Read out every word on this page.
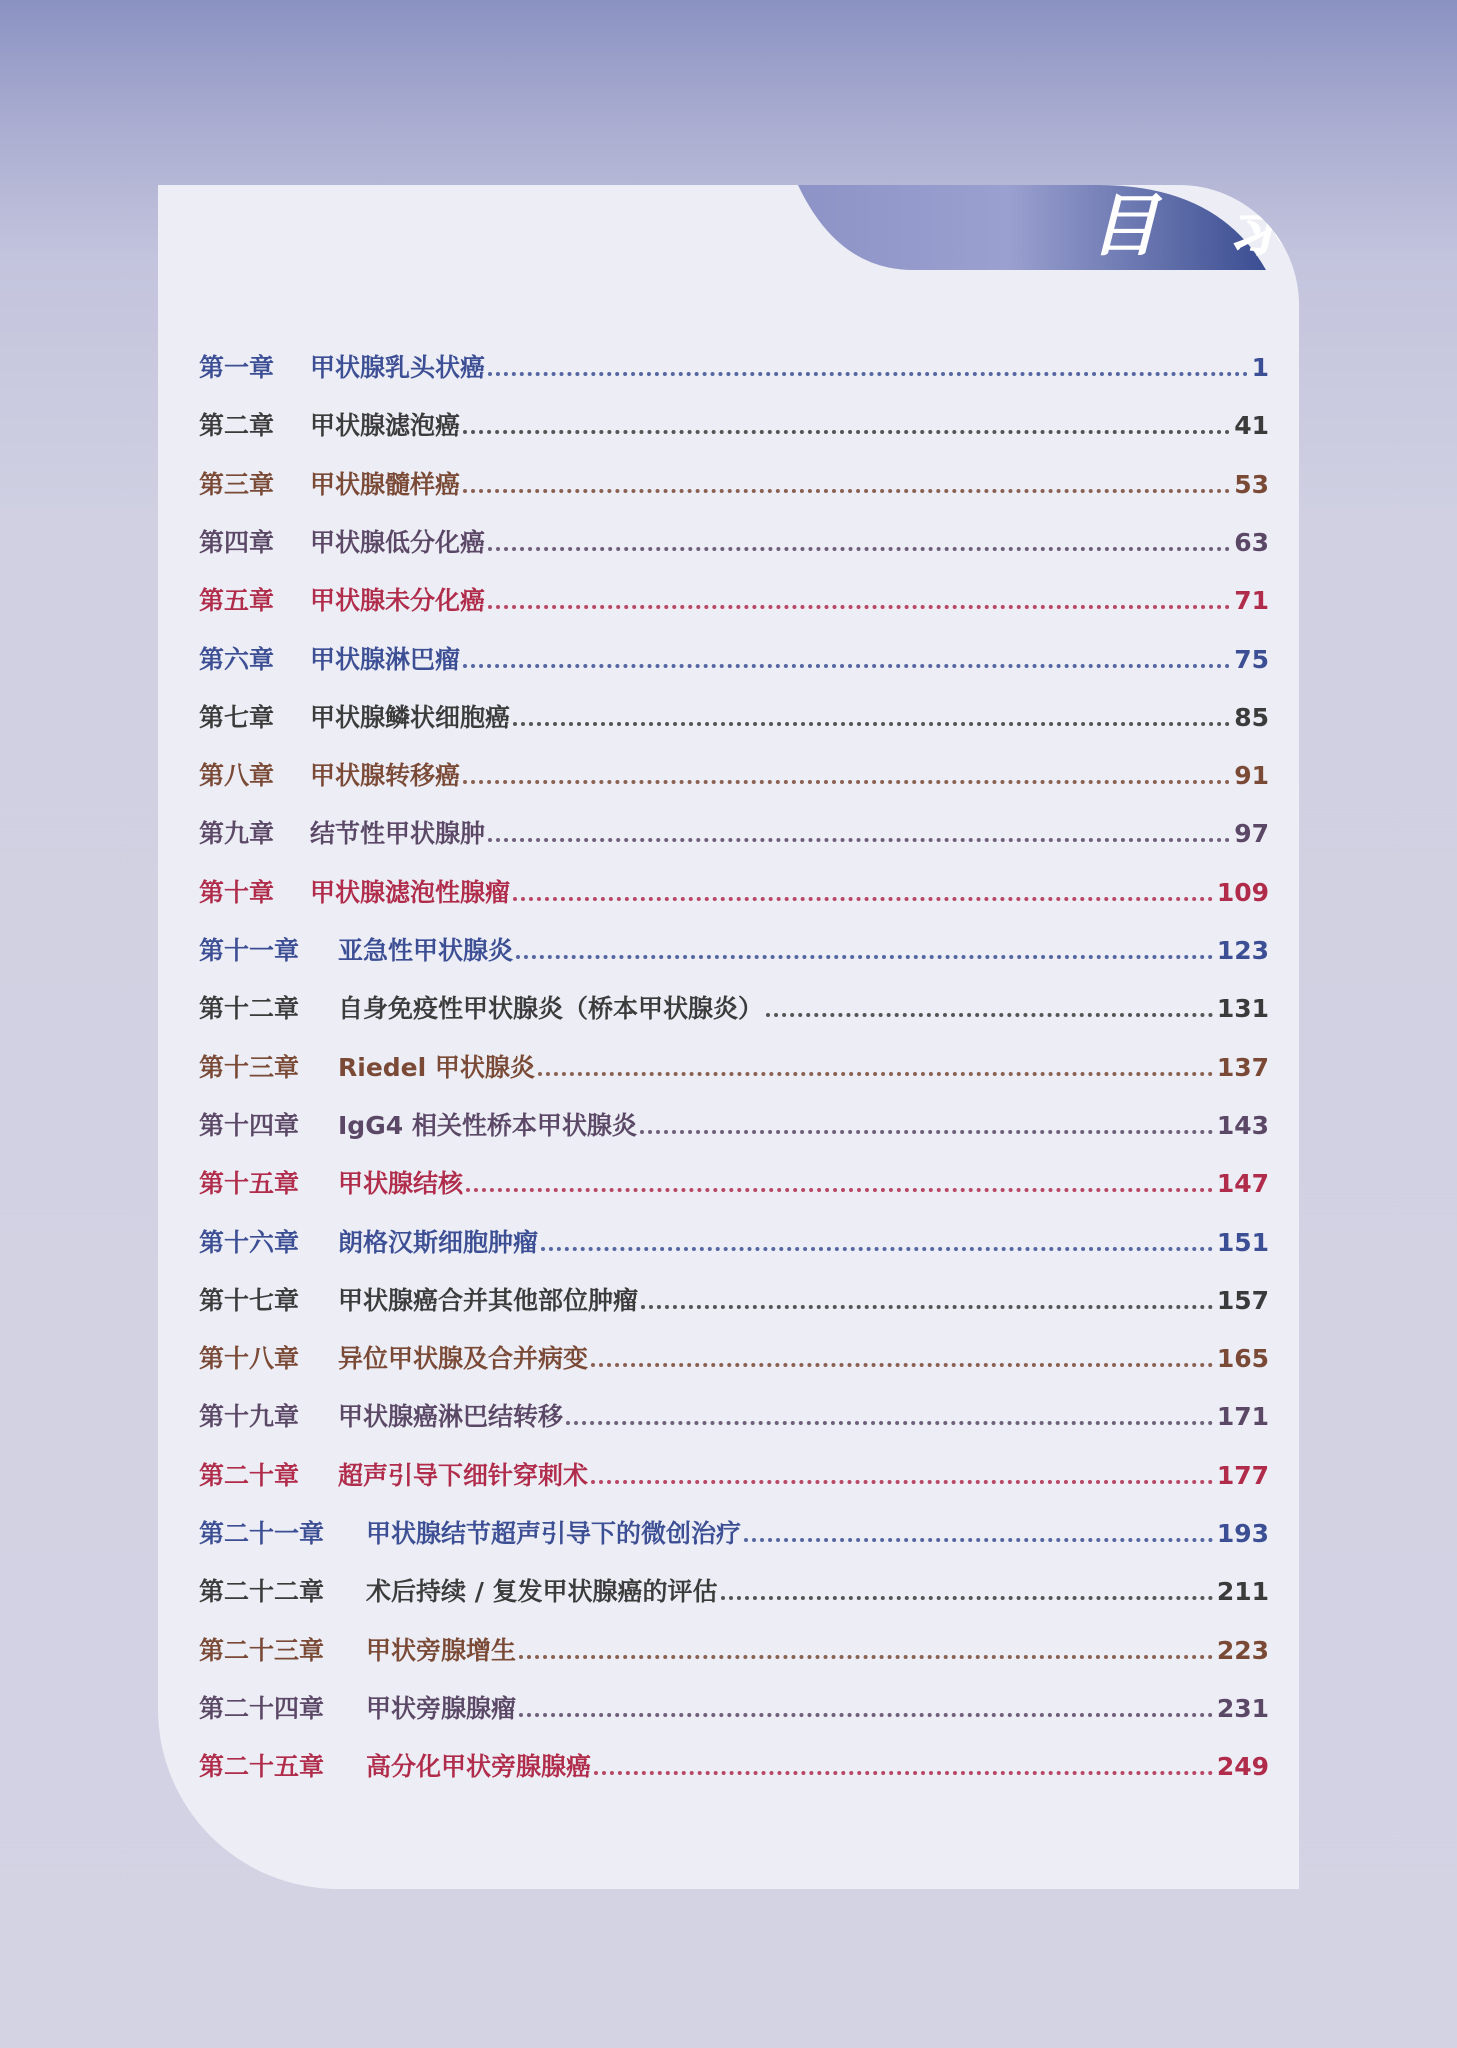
目 录
第一章	甲状腺乳头状癌	1
第二章	甲状腺滤泡癌	41
第三章	甲状腺髓样癌	53
第四章	甲状腺低分化癌	63
第五章	甲状腺未分化癌	71
第六章	甲状腺淋巴瘤	75
第七章	甲状腺鳞状细胞癌	85
第八章	甲状腺转移癌	91
第九章	结节性甲状腺肿	97
第十章	甲状腺滤泡性腺瘤	109
第十一章	亚急性甲状腺炎	123
第十二章	自身免疫性甲状腺炎（桥本甲状腺炎）	131
第十三章	Riedel 甲状腺炎	137
第十四章	IgG4 相关性桥本甲状腺炎	143
第十五章	甲状腺结核	147
第十六章	朗格汉斯细胞肿瘤	151
第十七章	甲状腺癌合并其他部位肿瘤	157
第十八章	异位甲状腺及合并病变	165
第十九章	甲状腺癌淋巴结转移	171
第二十章	超声引导下细针穿刺术	177
第二十一章	甲状腺结节超声引导下的微创治疗	193
第二十二章	术后持续 / 复发甲状腺癌的评估	211
第二十三章	甲状旁腺增生	223
第二十四章	甲状旁腺腺瘤	231
第二十五章	高分化甲状旁腺腺癌	249
